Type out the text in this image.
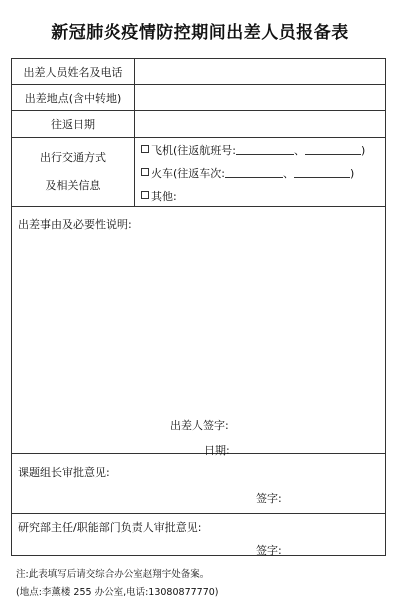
新冠肺炎疫情防控期间出差人员报备表
出差人员姓名及电话
出差地点(含中转地)
往返日期
出行交通方式
及相关信息
飞机(往返航班号:	、	)
火车(往返车次:	、	)
其他:
出差事由及必要性说明:
出差人签字:
日期:
课题组长审批意见:
签字:
研究部主任/职能部门负责人审批意见:
签字:
注:此表填写后请交综合办公室赵翔宇处备案。
(地点:李薰楼 255 办公室,电话:13080877770)
